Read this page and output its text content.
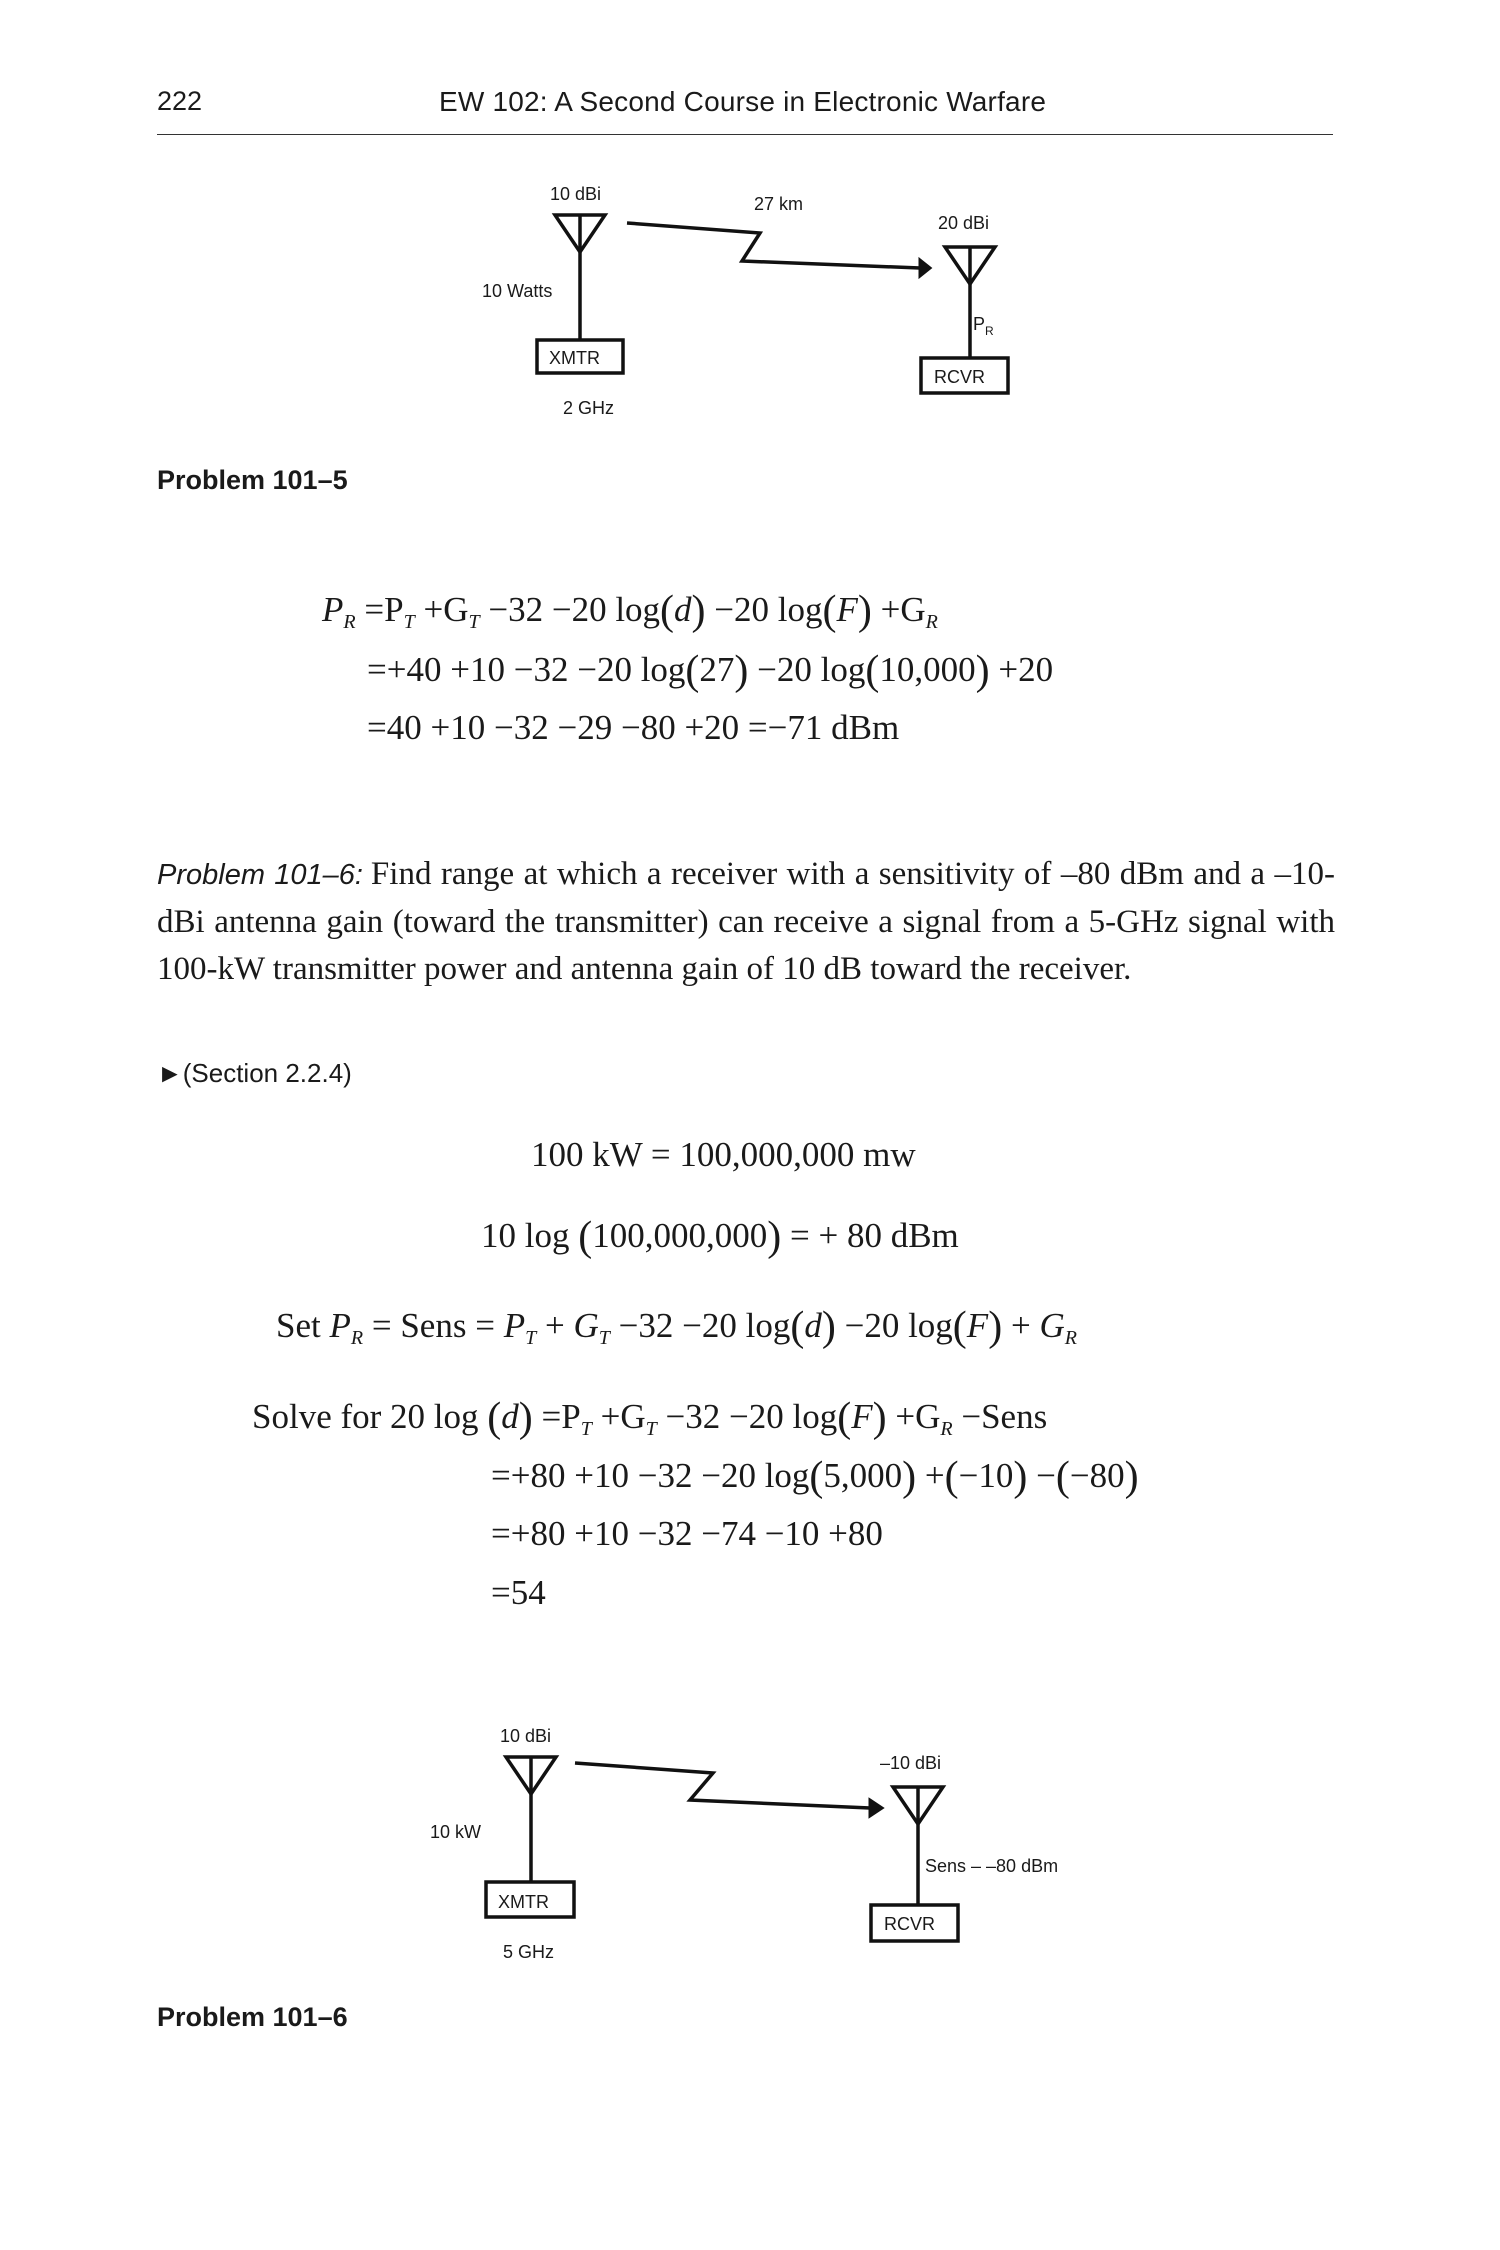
222	EW 102: A Second Course in Electronic Warfare
10 dBi
10 Watts
XMTR
2 GHz
27 km
20 dBi
$P_R$
RCVR
Problem 101–5
$P_R =P_T +G_T -32 -20$ log(d) −20 $\log(F) +G_R$
=+40 +10 −32 −20 log(27) −20 log(10,000) +20
=40 +10 −32 −29 −80 +20 =−71 dBm
Problem 101–6: Find range at which a receiver with a sensitivity of –80 dBm and a –10-dBi antenna gain (toward the transmitter) can receive a signal from a 5-GHz signal with 100-kW transmitter power and antenna gain of 10 dB toward the receiver.
►(Section 2.2.4)
100 kW = 100,000,000 mw
10 log (100,000,000) = + 80 dBm
Set $P_R$ = Sens = $P_T + G_T -32 -20$ log(d) −20 $\log(F) + G_R$
Solve for 20 $\log (d) =P_T +G_T -32 -20$ $\log(F) +G_R$ −Sens
=+80 +10 −32 −20 log(5,000) +(−10) −(−80)
=+80 +10 −32 −74 −10 +80
=54
10 dBi
10 kW
XMTR
5 GHz
–10 dBi
Sens – –80 dBm
RCVR
Problem 101–6
